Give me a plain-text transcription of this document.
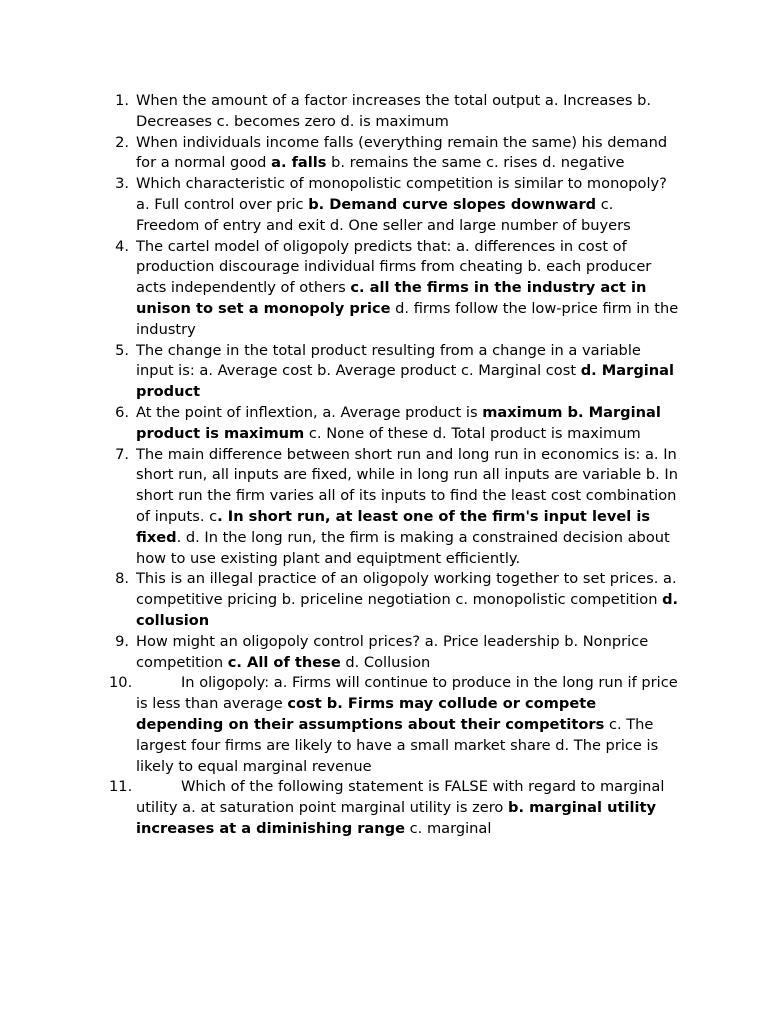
1. When the amount of a factor increases the total output a. Increases b. Decreases c. becomes zero d. is maximum
2. When individuals income falls (everything remain the same) his demand for a normal good a. falls b. remains the same c. rises d. negative
3. Which characteristic of monopolistic competition is similar to monopoly? a. Full control over pric b. Demand curve slopes downward c. Freedom of entry and exit d. One seller and large number of buyers
4. The cartel model of oligopoly predicts that: a. differences in cost of production discourage individual firms from cheating b. each producer acts independently of others c. all the firms in the industry act in unison to set a monopoly price d. firms follow the low-price firm in the industry
5. The change in the total product resulting from a change in a variable input is: a. Average cost b. Average product c. Marginal cost d. Marginal product
6. At the point of inflextion, a. Average product is maximum b. Marginal product is maximum c. None of these d. Total product is maximum
7. The main difference between short run and long run in economics is: a. In short run, all inputs are fixed, while in long run all inputs are variable b. In short run the firm varies all of its inputs to find the least cost combination of inputs. c. In short run, at least one of the firm's input level is fixed. d. In the long run, the firm is making a constrained decision about how to use existing plant and equiptment efficiently.
8. This is an illegal practice of an oligopoly working together to set prices. a. competitive pricing b. priceline negotiation c. monopolistic competition d. collusion
9. How might an oligopoly control prices? a. Price leadership b. Nonprice competition c. All of these d. Collusion
10.	In oligopoly: a. Firms will continue to produce in the long run if price is less than average cost b. Firms may collude or compete depending on their assumptions about their competitors c. The largest four firms are likely to have a small market share d. The price is likely to equal marginal revenue
11.	Which of the following statement is FALSE with regard to marginal utility a. at saturation point marginal utility is zero b. marginal utility increases at a diminishing range c. marginal
